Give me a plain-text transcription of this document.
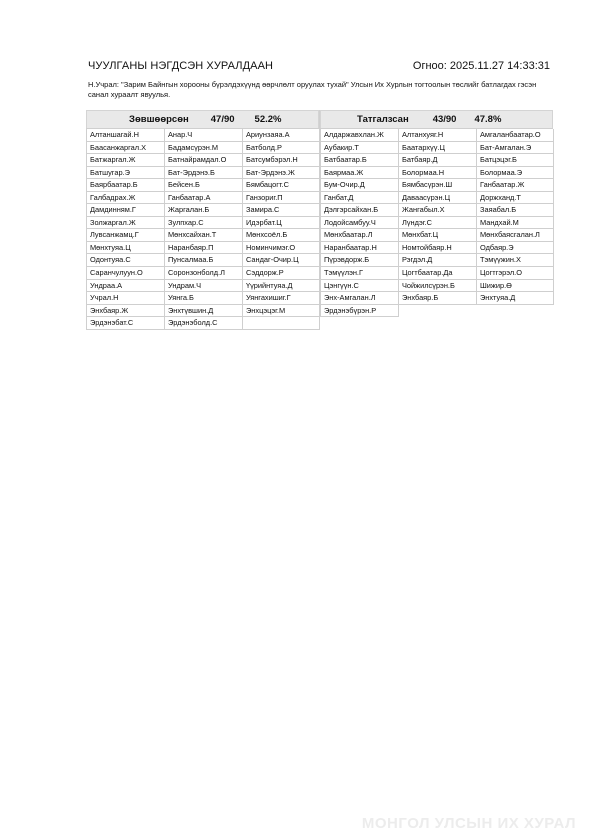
ЧУУЛГАНЫ НЭГДСЭН ХУРАЛДААН	Огноо: 2025.11.27 14:33:31
Н.Учрал: "Зарим Байнгын хорооны бүрэлдэхүүнд өөрчлөлт оруулах тухай" Улсын Их Хурлын тогтоолын төслийг батлагдах гэсэн санал хураалт явуулья.
Зөвшөөрсөн 47/90 52.2%
Алтаншагай.Н	Анар.Ч	Ариунзаяа.А
Баасанжаргал.Х	Бадамсүрэн.М	Батболд.Р
Батжаргал.Ж	Батнайрамдал.О	Батсумбэрэл.Н
Батшугар.Э	Бат-Эрдэнэ.Б	Бат-Эрдэнэ.Ж
Баярбаатар.Б	Бейсен.Б	Бямбацогт.С
Галбадрах.Ж	Ганбаатар.А	Ганзориг.П
Дамдинням.Г	Жаргалан.Б	Замира.С
Золжаргал.Ж	Зулпхар.С	Идэрбат.Ц
Лувсанжамц.Г	Мөнхсайхан.Т	Мөнхсоёл.Б
Мөнхтуяа.Ц	Наранбаяр.П	Номинчимэг.О
Одонтуяа.С	Пунсалмаа.Б	Сандаг-Очир.Ц
Саранчулуун.О	Соронзонболд.Л	Сэддорж.Р
Ундраа.А	Ундрам.Ч	Үүрийнтуяа.Д
Учрал.Н	Уянга.Б	Уянгахишиг.Г
Энхбаяр.Ж	Энхтүвшин.Д	Энхцэцэг.М
Эрдэнэбат.С	Эрдэнэболд.С
Татгалзсан	43/90 47.8%
Алдаржавхлан.Ж	Алтанхуяг.Н	Амгаланбаатар.О
Аубакир.Т	Баатархүү.Ц	Бат-Амгалан.Э
Батбаатар.Б	Батбаяр.Д	Батцэцэг.Б
Баярмаа.Ж	Болормаа.Н	Болормаа.Э
Бум-Очир.Д	Бямбасүрэн.Ш	Ганбаатар.Ж
Ганбат.Д	Даваасүрэн.Ц	Доржханд.Т
Дэлгэрсайхан.Б	Жангабыл.Х	Заяабал.Б
Лодойсамбуу.Ч	Лүндэг.С	Мандхай.М
Мөнхбаатар.Л	Мөнхбат.Ц	Мөнхбаясгалан.Л
Наранбаатар.Н	Номтойбаяр.Н	Одбаяр.Э
Пүрэвдорж.Б	Рэгдэл.Д	Тэмүүжин.Х
Тэмүүлэн.Г	Цогтбаатар.Да	Цогтгэрэл.О
Цэнгүүн.С	Чойжилсүрэн.Б	Шижир.Ө
Энх-Амгалан.Л	Энхбаяр.Б	Энхтуяа.Д
Эрдэнэбүрэн.Р
МОНГОЛ УЛСЫН ИХ ХУРАЛ
